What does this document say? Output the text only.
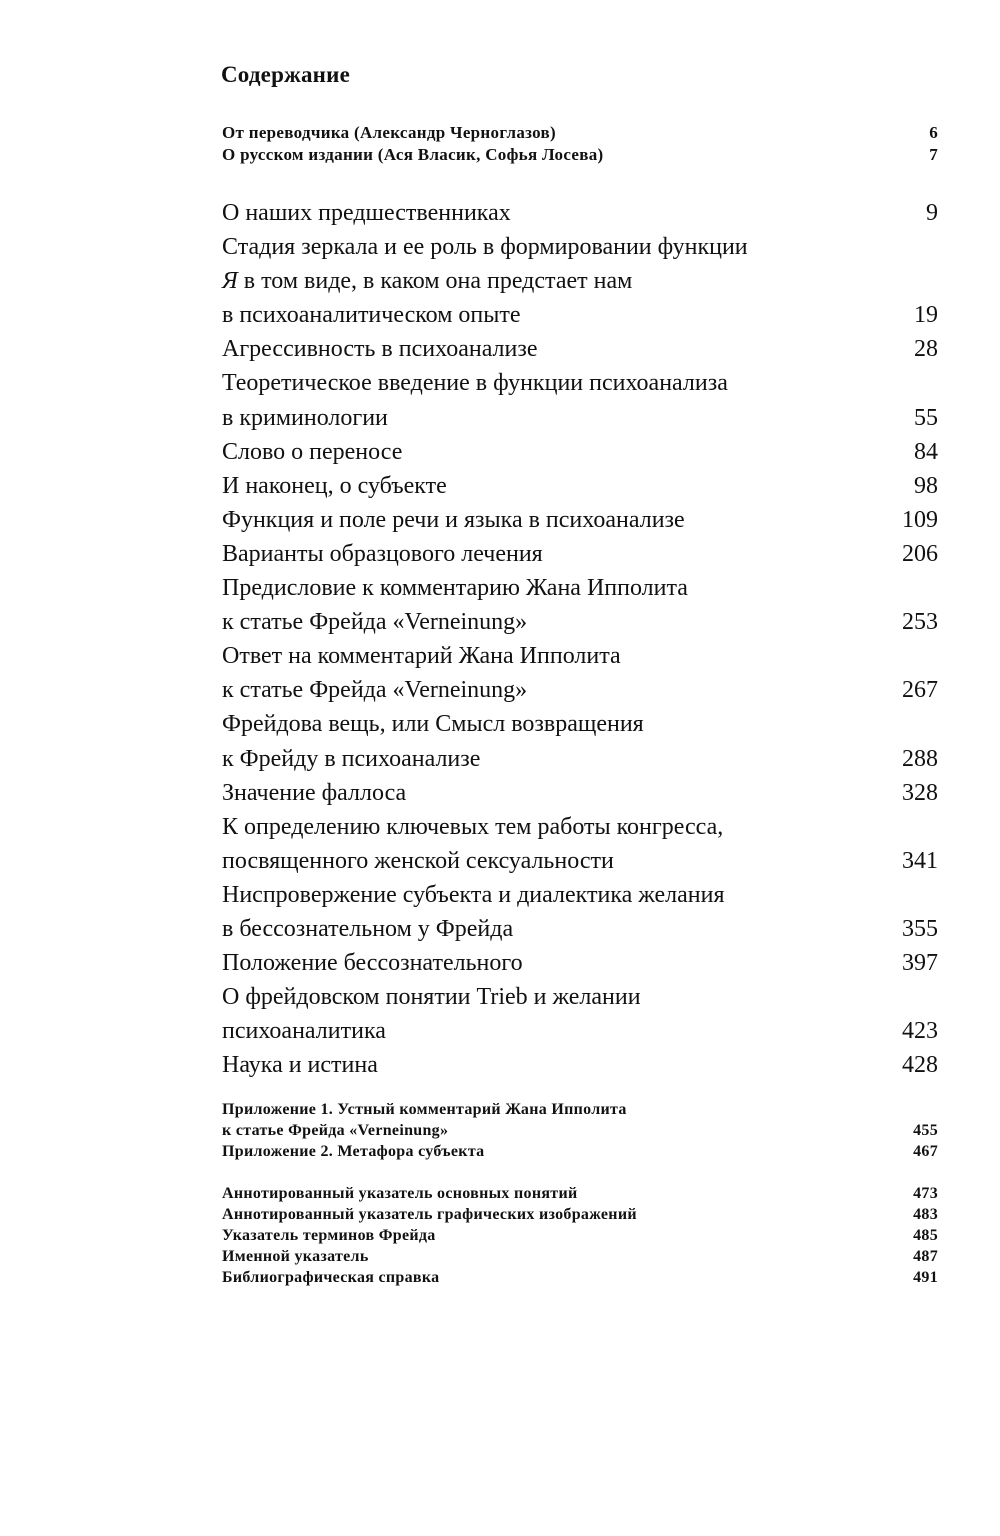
Содержание
От переводчика (Александр Черноглазов)	6
О русском издании (Ася Власик, Софья Лосева)	7
О наших предшественниках	9
Стадия зеркала и ее роль в формировании функции
Я в том виде, в каком она предстает нам
в психоаналитическом опыте	19
Агрессивность в психоанализе	28
Теоретическое введение в функции психоанализа
в криминологии	55
Слово о переносе	84
И наконец, о субъекте	98
Функция и поле речи и языка в психоанализе	109
Варианты образцового лечения	206
Предисловие к комментарию Жана Ипполита
к статье Фрейда «Verneinung»	253
Ответ на комментарий Жана Ипполита
к статье Фрейда «Verneinung»	267
Фрейдова вещь, или Смысл возвращения
к Фрейду в психоанализе	288
Значение фаллоса	328
К определению ключевых тем работы конгресса,
посвященного женской сексуальности	341
Ниспровержение субъекта и диалектика желания
в бессознательном у Фрейда	355
Положение бессознательного	397
О фрейдовском понятии Trieb и желании
психоаналитика	423
Наука и истина	428
Приложение 1. Устный комментарий Жана Ипполита
к статье Фрейда «Verneinung»	455
Приложение 2. Метафора субъекта	467
Аннотированный указатель основных понятий	473
Аннотированный указатель графических изображений	483
Указатель терминов Фрейда	485
Именной указатель	487
Библиографическая справка	491
